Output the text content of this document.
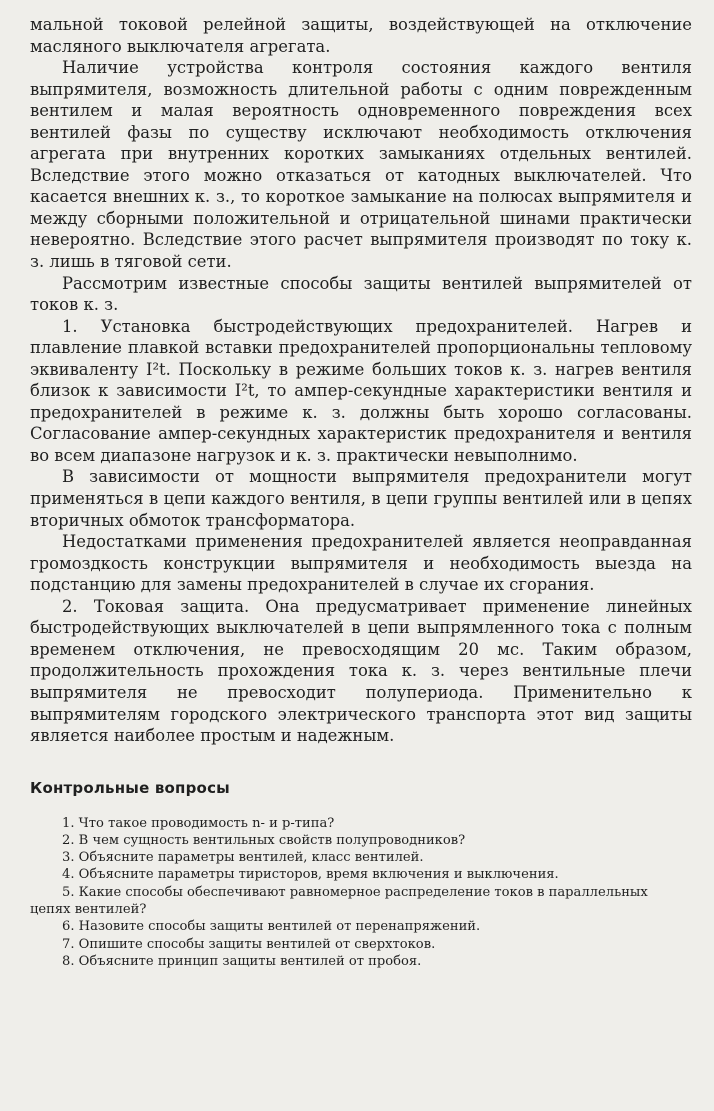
мальной токовой релейной защиты, воздействующей на отключение масляного выключателя агрегата.

Наличие устройства контроля состояния каждого вентиля выпрямителя, возможность длительной работы с одним поврежденным вентилем и малая вероятность одновременного повреждения всех вентилей фазы по существу исключают необходимость отключения агрегата при внутренних коротких замыканиях отдельных вентилей. Вследствие этого можно отказаться от катодных выключателей. Что касается внешних к. з., то короткое замыкание на полюсах выпрямителя и между сборными положительной и отрицательной шинами практически невероятно. Вследствие этого расчет выпрямителя производят по току к. з. лишь в тяговой сети.

Рассмотрим известные способы защиты вентилей выпрямителей от токов к. з.

1. Установка быстродействующих предохранителей. Нагрев и плавление плавкой вставки предохранителей пропорциональны тепловому эквиваленту I²t. Поскольку в режиме больших токов к. з. нагрев вентиля близок к зависимости I²t, то ампер-секундные характеристики вентиля и предохранителей в режиме к. з. должны быть хорошо согласованы. Согласование ампер-секундных характеристик предохранителя и вентиля во всем диапазоне нагрузок и к. з. практически невыполнимо.

В зависимости от мощности выпрямителя предохранители могут применяться в цепи каждого вентиля, в цепи группы вентилей или в цепях вторичных обмоток трансформатора.

Недостатками применения предохранителей является неоправданная громоздкость конструкции выпрямителя и необходимость выезда на подстанцию для замены предохранителей в случае их сгорания.

2. Токовая защита. Она предусматривает применение линейных быстродействующих выключателей в цепи выпрямленного тока с полным временем отключения, не превосходящим 20 мс. Таким образом, продолжительность прохождения тока к. з. через вентильные плечи выпрямителя не превосходит полупериода. Применительно к выпрямителям городского электрического транспорта этот вид защиты является наиболее простым и надежным.

Контрольные вопросы
1. Что такое проводимость n- и p-типа?
2. В чем сущность вентильных свойств полупроводников?
3. Объясните параметры вентилей, класс вентилей.
4. Объясните параметры тиристоров, время включения и выключения.
5. Какие способы обеспечивают равномерное распределение токов в параллельных цепях вентилей?
6. Назовите способы защиты вентилей от перенапряжений.
7. Опишите способы защиты вентилей от сверхтоков.
8. Объясните принцип защиты вентилей от пробоя.
